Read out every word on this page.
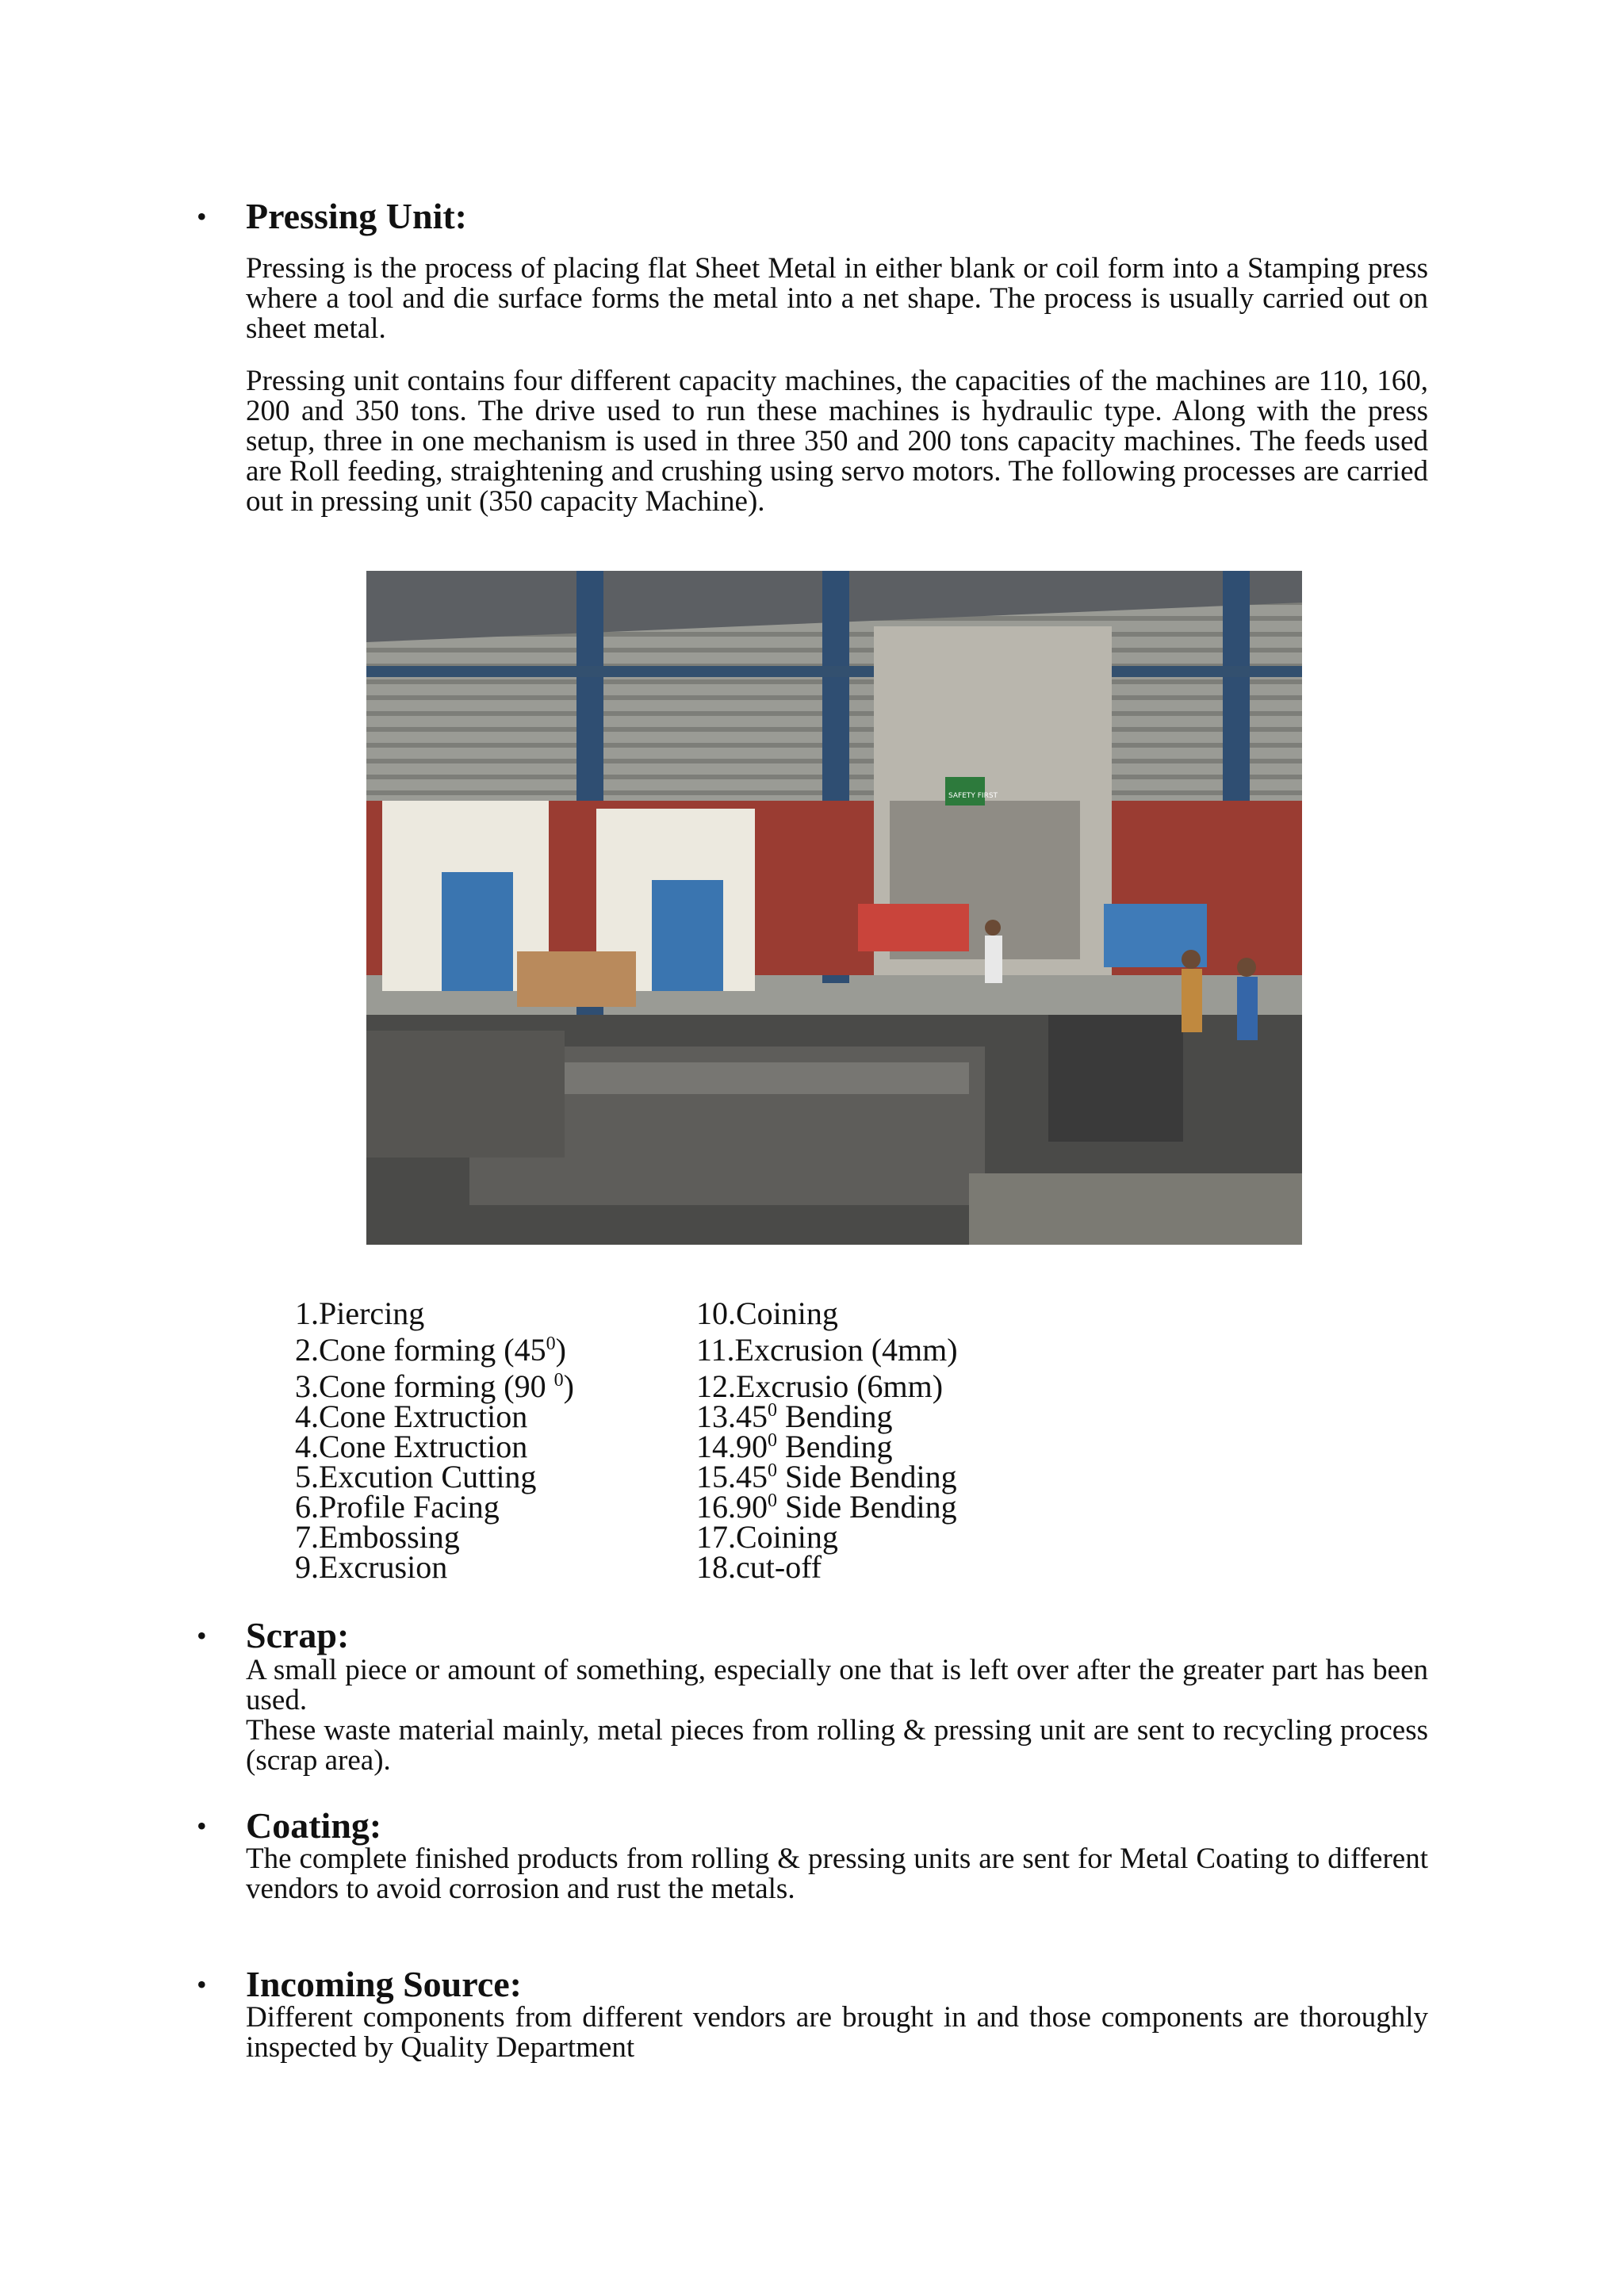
• Pressing Unit:

Pressing is the process of placing flat Sheet Metal in either blank or coil form into a Stamping press where a tool and die surface forms the metal into a net shape. The process is usually carried out on sheet metal.

Pressing unit contains four different capacity machines, the capacities of the machines are 110, 160, 200 and 350 tons. The drive used to run these machines is hydraulic type. Along with the press setup, three in one mechanism is used in three 350 and 200 tons capacity machines. The feeds used are Roll feeding, straightening and crushing using servo motors. The following processes are carried out in pressing unit (350 capacity Machine).

SAFETY FIRST
1.Piercing
2.Cone forming $(45^0)$
3.Cone forming (90 $^0$)
4.Cone Extruction
4.Cone Extruction
5.Excution Cutting
6.Profile Facing
7.Embossing
9.Excrusion
10.Coining
11.Excrusion (4mm)
12.Excrusio (6mm)
13.45$^0$ Bending
14.90$^0$ Bending
15.45$^0$ Side Bending
16.90$^0$ Side Bending
17.Coining
18.cut-off
• Scrap:

A small piece or amount of something, especially one that is left over after the greater part has been used.

These waste material mainly, metal pieces from rolling & pressing unit are sent to recycling process (scrap area).

• Coating:

The complete finished products from rolling & pressing units are sent for Metal Coating to different vendors to avoid corrosion and rust the metals.

• Incoming Source:

Different components from different vendors are brought in and those components are thoroughly inspected by Quality Department
